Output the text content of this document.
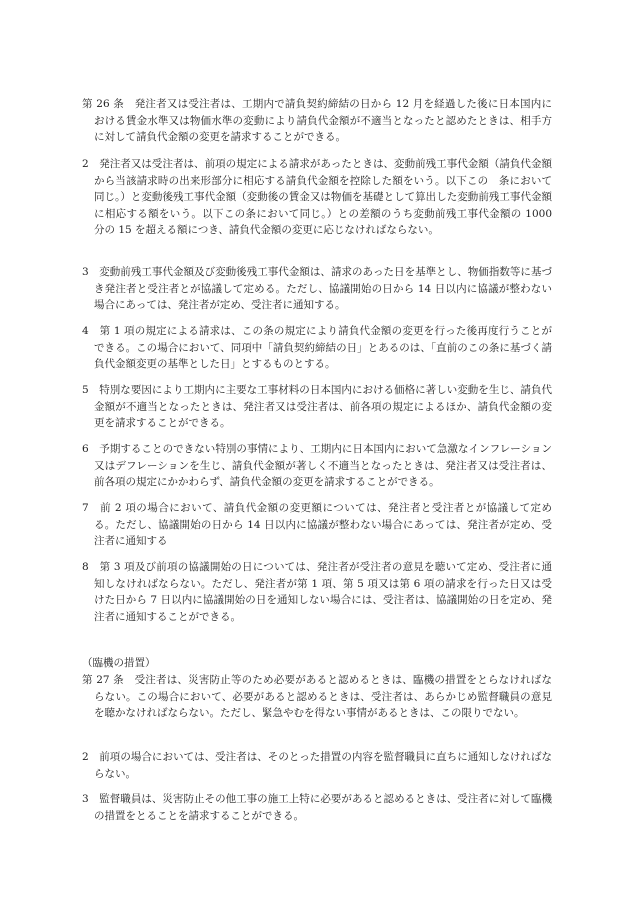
第 26 条　発注者又は受注者は、工期内で請負契約締結の日から 12 月を経過した後に日本国内における賃金水準又は物価水準の変動により請負代金額が不適当となったと認めたときは、相手方に対して請負代金額の変更を請求することができる。
2　発注者又は受注者は、前項の規定による請求があったときは、変動前残工事代金額（請負代金額から当該請求時の出来形部分に相応する請負代金額を控除した額をいう。以下この　条において同じ。）と変動後残工事代金額（変動後の賃金又は物価を基礎として算出した変動前残工事代金額に相応する額をいう。以下この条において同じ。）との差額のうち変動前残工事代金額の 1000 分の 15 を超える額につき、請負代金額の変更に応じなければならない。
3　変動前残工事代金額及び変動後残工事代金額は、請求のあった日を基準とし、物価指数等に基づき発注者と受注者とが協議して定める。ただし、協議開始の日から 14 日以内に協議が整わない場合にあっては、発注者が定め、受注者に通知する。
4　第 1 項の規定による請求は、この条の規定により請負代金額の変更を行った後再度行うことができる。この場合において、同項中「請負契約締結の日」とあるのは、「直前のこの条に基づく請負代金額変更の基準とした日」とするものとする。
5　特別な要因により工期内に主要な工事材料の日本国内における価格に著しい変動を生じ、請負代金額が不適当となったときは、発注者又は受注者は、前各項の規定によるほか、請負代金額の変更を請求することができる。
6　予期することのできない特別の事情により、工期内に日本国内において急激なインフレーション又はデフレーションを生じ、請負代金額が著しく不適当となったときは、発注者又は受注者は、前各項の規定にかかわらず、請負代金額の変更を請求することができる。
7　前 2 項の場合において、請負代金額の変更額については、発注者と受注者とが協議して定める。ただし、協議開始の日から 14 日以内に協議が整わない場合にあっては、発注者が定め、受注者に通知する
8　第 3 項及び前項の協議開始の日については、発注者が受注者の意見を聴いて定め、受注者に通知しなければならない。ただし、発注者が第 1 項、第 5 項又は第 6 項の請求を行った日又は受けた日から 7 日以内に協議開始の日を通知しない場合には、受注者は、協議開始の日を定め、発注者に通知することができる。
（臨機の措置）
第 27 条　受注者は、災害防止等のため必要があると認めるときは、臨機の措置をとらなければならない。この場合において、必要があると認めるときは、受注者は、あらかじめ監督職員の意見を聴かなければならない。ただし、緊急やむを得ない事情があるときは、この限りでない。
2　前項の場合においては、受注者は、そのとった措置の内容を監督職員に直ちに通知しなければならない。
3　監督職員は、災害防止その他工事の施工上特に必要があると認めるときは、受注者に対して臨機の措置をとることを請求することができる。
